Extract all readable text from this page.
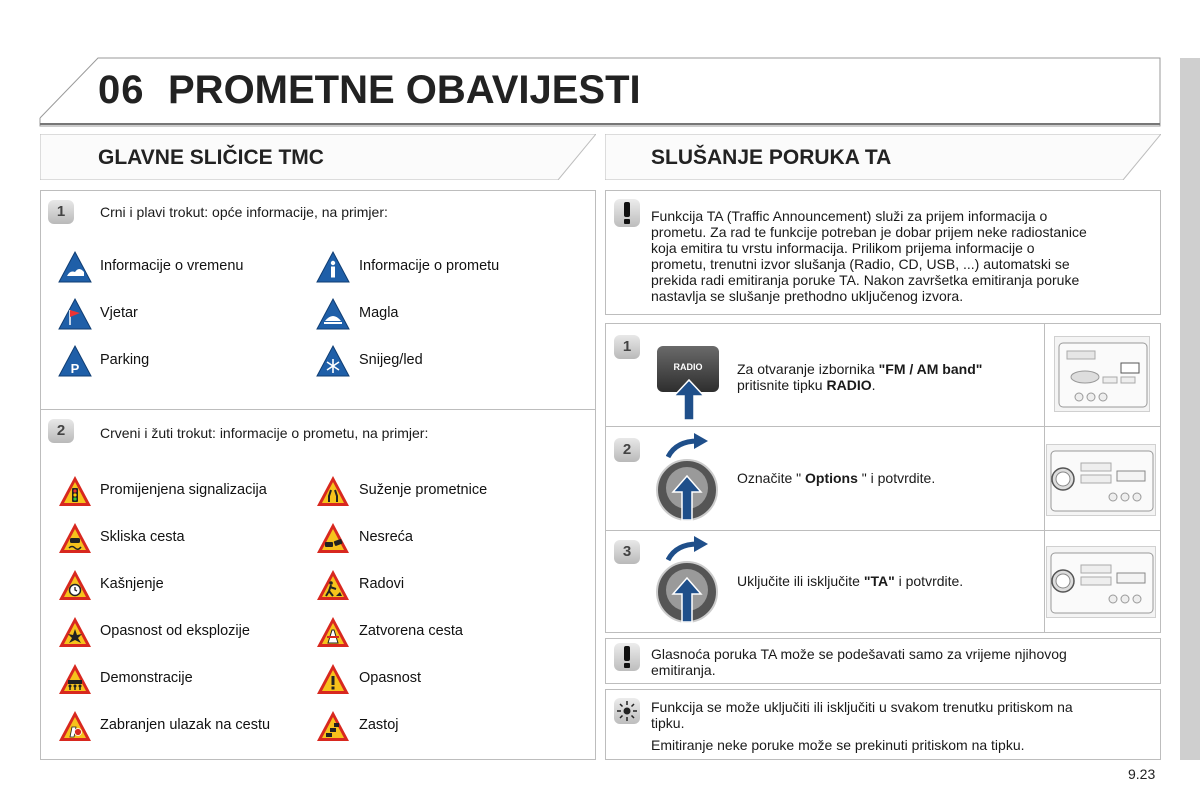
06 PROMETNE OBAVIJESTI
GLAVNE SLIČICE TMC	SLUŠANJE PORUKA TA
1	Crni i plavi trokut: opće informacije, na primjer:
2	Crveni i žuti trokut: informacije o prometu, na primjer:
Informacije o vremenu	Informacije o prometu
Vjetar	Magla
P
Parking	Snijeg/led
Promijenjena signalizacija	Suženje prometnice
Skliska cesta	Nesreća
Kašnjenje	Radovi
Opasnost od eksplozije	Zatvorena cesta
Demonstracije	Opasnost
Zabranjen ulazak na cestu	Zastoj
Funkcija TA (Traffic Announcement) služi za prijem informacija o
prometu. Za rad te funkcije potreban je dobar prijem neke radiostanice
koja emitira tu vrstu informacija. Prilikom prijema informacije o
prometu, trenutni izvor slušanja (Radio, CD, USB, ...) automatski se
prekida radi emitiranja poruke TA. Nakon završetka emitiranja poruke
nastavlja se slušanje prethodno uključenog izvora.
1
RADIO	Za otvaranje izbornika "FM / AM band"
pritisnite tipku RADIO.
2
Označite " Options " i potvrdite.
3
Uključite ili isključite "TA" i potvrdite.
Glasnoća poruka TA može se podešavati samo za vrijeme njihovog
emitiranja.
Funkcija se može uključiti ili isključiti u svakom trenutku pritiskom na
tipku.
Emitiranje neke poruke može se prekinuti pritiskom na tipku.
9.23
